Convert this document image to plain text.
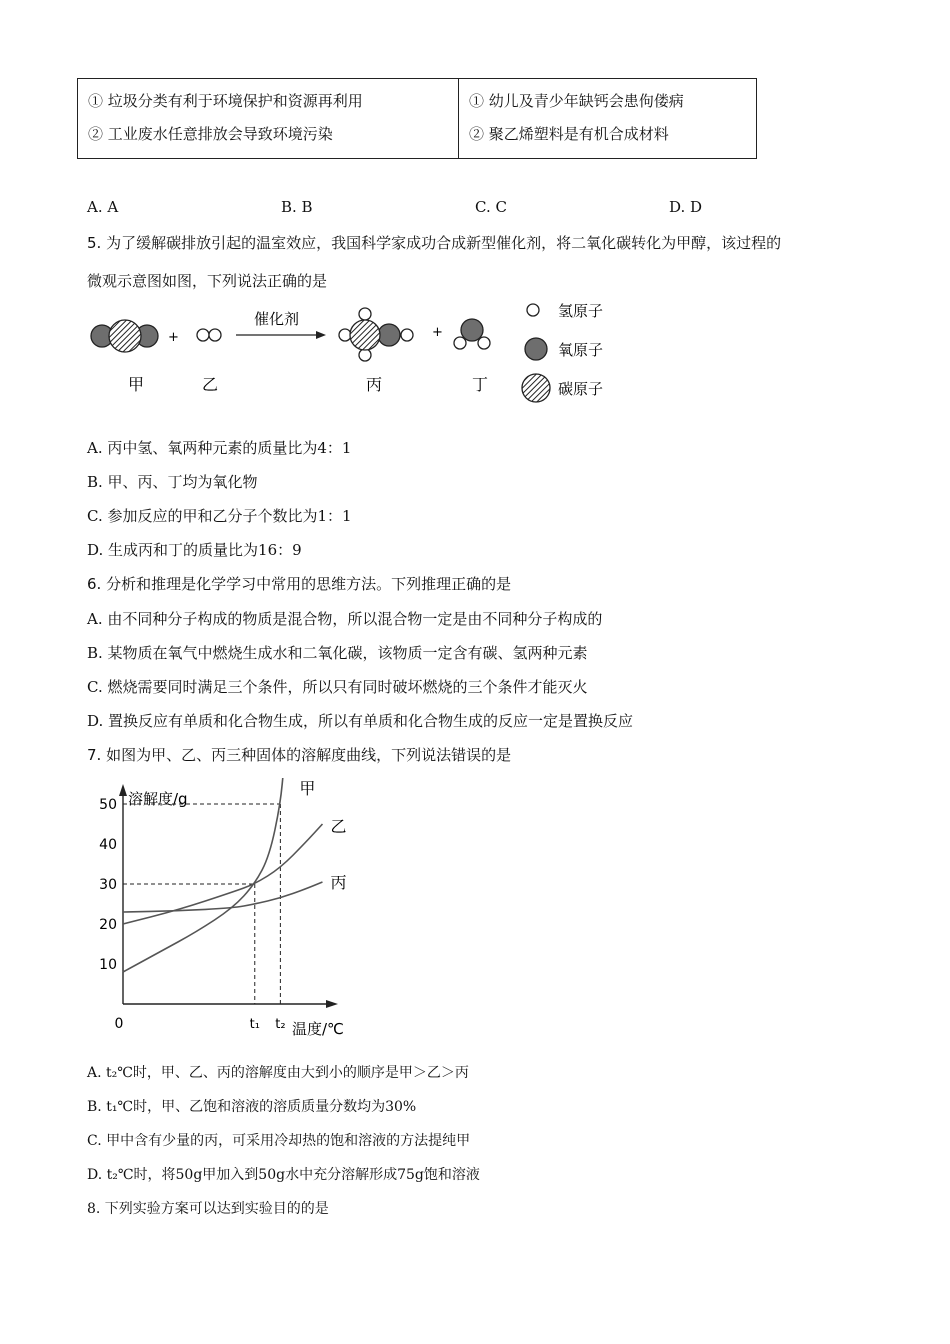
① 垃圾分类有利于环境保护和资源再利用
② 工业废水任意排放会导致环境污染

① 幼儿及青少年缺钙会患佝偻病
② 聚乙烯塑料是有机合成材料
A. A	B. B	C. C	D. D
5. 为了缓解碳排放引起的温室效应，我国科学家成功合成新型催化剂，将二氧化碳转化为甲醇，该过程的
微观示意图如图，下列说法正确的是
+
催化剂
+
甲	乙	丙	丁
氢原子
氧原子
碳原子
A. 丙中氢、氧两种元素的质量比为4：1
B. 甲、丙、丁均为氧化物
C. 参加反应的甲和乙分子个数比为1：1
D. 生成丙和丁的质量比为16：9
6. 分析和推理是化学学习中常用的思维方法。下列推理正确的是
A. 由不同种分子构成的物质是混合物，所以混合物一定是由不同种分子构成的
B. 某物质在氧气中燃烧生成水和二氧化碳，该物质一定含有碳、氢两种元素
C. 燃烧需要同时满足三个条件，所以只有同时破坏燃烧的三个条件才能灭火
D. 置换反应有单质和化合物生成，所以有单质和化合物生成的反应一定是置换反应
7. 如图为甲、乙、丙三种固体的溶解度曲线，下列说法错误的是
溶解度/g
温度/℃
0
10
20
30
40
50
t₁ t₂
甲
乙
丙
A. t₂℃时，甲、乙、丙的溶解度由大到小的顺序是甲＞乙＞丙
B. t₁℃时，甲、乙饱和溶液的溶质质量分数均为30%
C. 甲中含有少量的丙，可采用冷却热的饱和溶液的方法提纯甲
D. t₂℃时，将50g甲加入到50g水中充分溶解形成75g饱和溶液
8. 下列实验方案可以达到实验目的的是
